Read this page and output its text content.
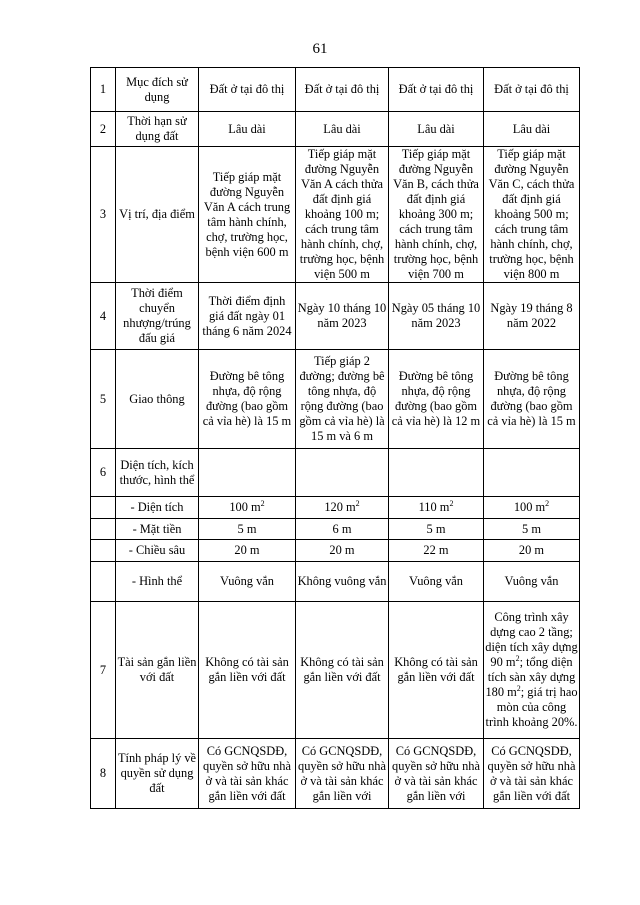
61
1	Mục đích sử dụng	Đất ở tại đô thị	Đất ở tại đô thị	Đất ở tại đô thị	Đất ở tại đô thị
2	Thời hạn sử dụng đất	Lâu dài	Lâu dài	Lâu dài	Lâu dài
3	Vị trí, địa điểm	Tiếp giáp mặt đường Nguyễn Văn A cách trung tâm hành chính, chợ, trường học, bệnh viện 600 m	Tiếp giáp mặt đường Nguyễn Văn A cách thửa đất định giá khoảng 100 m; cách trung tâm hành chính, chợ, trường học, bệnh viện 500 m	Tiếp giáp mặt đường Nguyễn Văn B, cách thửa đất định giá khoảng 300 m; cách trung tâm hành chính, chợ, trường học, bệnh viện 700 m	Tiếp giáp mặt đường Nguyễn Văn C, cách thửa đất định giá khoảng 500 m; cách trung tâm hành chính, chợ, trường học, bệnh viện 800 m
4	Thời điểm chuyển nhượng/trúng đấu giá	Thời điểm định giá đất ngày 01 tháng 6 năm 2024	Ngày 10 tháng 10 năm 2023	Ngày 05 tháng 10 năm 2023	Ngày 19 tháng 8 năm 2022
5	Giao thông	Đường bê tông nhựa, độ rộng đường (bao gồm cả vỉa hè) là 15 m	Tiếp giáp 2 đường; đường bê tông nhựa, độ rộng đường (bao gồm cả vỉa hè) là 15 m và 6 m	Đường bê tông nhựa, độ rộng đường (bao gồm cả vỉa hè) là 12 m	Đường bê tông nhựa, độ rộng đường (bao gồm cả vỉa hè) là 15 m
6	Diện tích, kích thước, hình thể				
	- Diện tích	100 $m^2$	120 $m^2$	110 $m^2$	100 $m^2$
	- Mặt tiền	5 m	6 m	5 m	5 m
	- Chiều sâu	20 m	20 m	22 m	20 m
	- Hình thể	Vuông vắn	Không vuông vắn	Vuông vắn	Vuông vắn
7	Tài sản gắn liền với đất	Không có tài sản gắn liền với đất	Không có tài sản gắn liền với đất	Không có tài sản gắn liền với đất	Công trình xây dựng cao 2 tầng; diện tích xây dựng 90 $m^2$; tổng diện tích sàn xây dựng 180 $m^2$; giá trị hao mòn của công trình khoảng 20%.
8	Tính pháp lý về quyền sử dụng đất	Có GCNQSDĐ, quyền sở hữu nhà ở và tài sản khác gắn liền với đất	Có GCNQSDĐ, quyền sở hữu nhà ở và tài sản khác gắn liền với	Có GCNQSDĐ, quyền sở hữu nhà ở và tài sản khác gắn liền với	Có GCNQSDĐ, quyền sở hữu nhà ở và tài sản khác gắn liền với đất
